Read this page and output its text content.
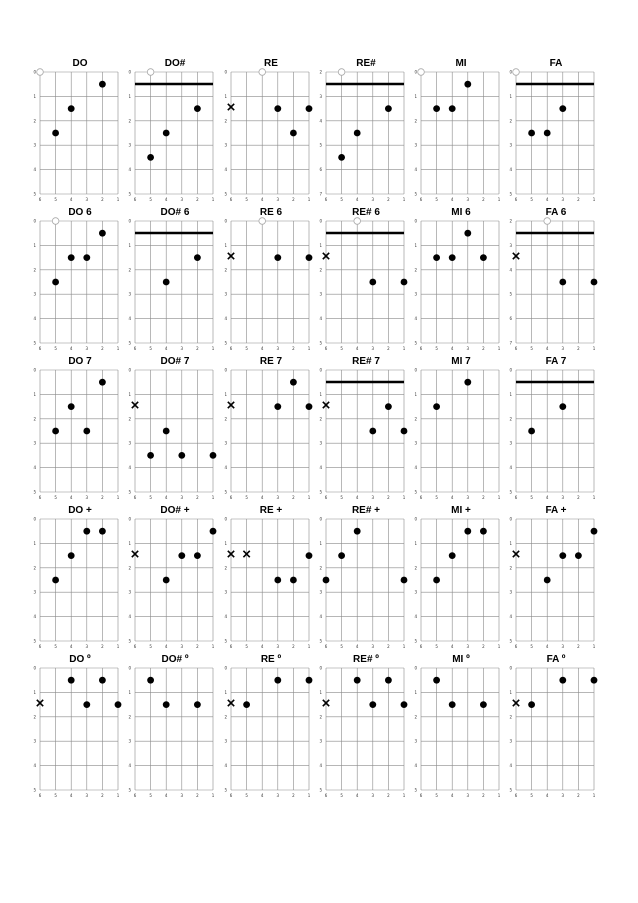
DO
0
1
2
3
4
5
6	5	4	3	2	1
DO#
0
1
2
3
4
5
6	5	4	3	2	1
RE
0
1
2
3
4
5
6	5	4	3	2	1
RE#
2
3
4
5
6
7
6	5	4	3	2	1
MI
0
1
2
3
4
5
6	5	4	3	2	1
FA
0
1
2
3
4
5
6	5	4	3	2	1
DO 6
0
1
2
3
4
5
6	5	4	3	2	1
DO# 6
0
1
2
3
4
5
6	5	4	3	2	1
RE 6
0
1
2
3
4
5
6	5	4	3	2	1
RE# 6
0
1
2
3
4
5
6	5	4	3	2	1
MI 6
0
1
2
3
4
5
6	5	4	3	2	1
FA 6
2
3
4
5
6
7
6	5	4	3	2	1
DO 7
0
1
2
3
4
5
6	5	4	3	2	1
DO# 7
0
1
2
3
4
5
6	5	4	3	2	1
RE 7
0
1
2
3
4
5
6	5	4	3	2	1
RE# 7
0
1
2
3
4
5
6	5	4	3	2	1
MI 7
0
1
2
3
4
5
6	5	4	3	2	1
FA 7
0
1
2
3
4
5
6	5	4	3	2	1
DO +
0
1
2
3
4
5
6	5	4	3	2	1
DO# +
0
1
2
3
4
5
6	5	4	3	2	1
RE +
0
1
2
3
4
5
6	5	4	3	2	1
RE# +
0
1
2
3
4
5
6	5	4	3	2	1
MI +
0
1
2
3
4
5
6	5	4	3	2	1
FA +
0
1
2
3
4
5
6	5	4	3	2	1
DO º
0
1
2
3
4
5
6	5	4	3	2	1
DO# º
0
1
2
3
4
5
6	5	4	3	2	1
RE º
0
1
2
3
4
5
6	5	4	3	2	1
RE# º
0
1
2
3
4
5
6	5	4	3	2	1
MI º
0
1
2
3
4
5
6	5	4	3	2	1
FA º
0
1
2
3
4
5
6	5	4	3	2	1
